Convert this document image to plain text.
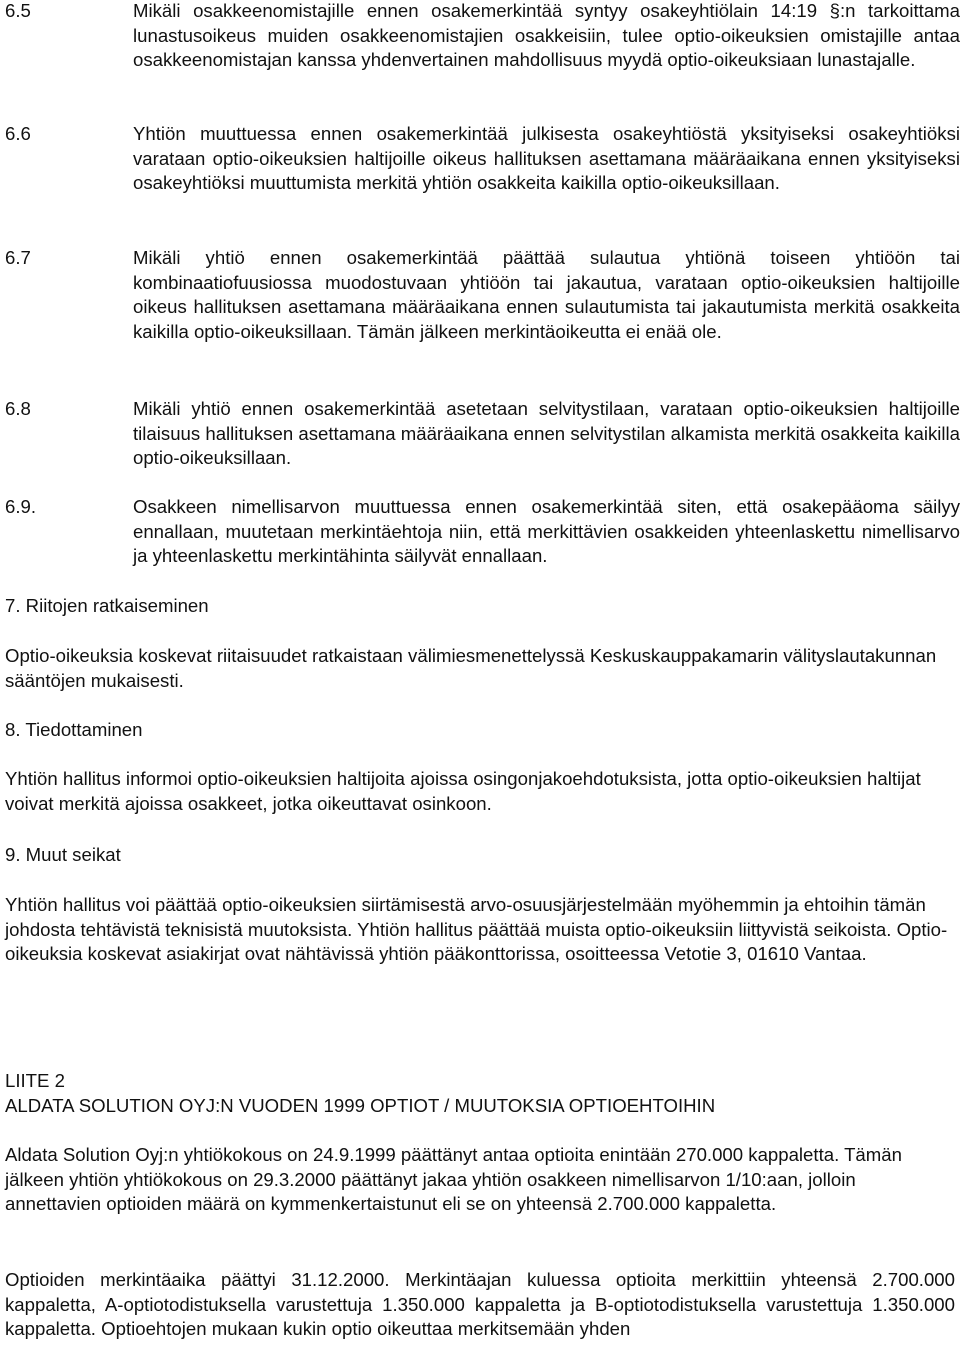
6.5	Mikäli osakkeenomistajille ennen osakemerkintää syntyy osakeyhtiölain 14:19 §:n tarkoittama lunastusoikeus muiden osakkeenomistajien osakkeisiin, tulee optio-oikeuksien omistajille antaa osakkeenomistajan kanssa yhdenvertainen mahdollisuus myydä optio-oikeuksiaan lunastajalle.

6.6	Yhtiön muuttuessa ennen osakemerkintää julkisesta osakeyhtiöstä yksityiseksi osakeyhtiöksi varataan optio-oikeuksien haltijoille oikeus hallituksen asettamana määräaikana ennen yksityiseksi osakeyhtiöksi muuttumista merkitä yhtiön osakkeita kaikilla optio-oikeuksillaan.

6.7	Mikäli yhtiö ennen osakemerkintää päättää sulautua yhtiönä toiseen yhtiöön tai kombinaatiofuusiossa muodostuvaan yhtiöön tai jakautua, varataan optio-oikeuksien haltijoille oikeus hallituksen asettamana määräaikana ennen sulautumista tai jakautumista merkitä osakkeita kaikilla optio-oikeuksillaan. Tämän jälkeen merkintäoikeutta ei enää ole.

6.8	Mikäli yhtiö ennen osakemerkintää asetetaan selvitystilaan, varataan optio-oikeuksien haltijoille tilaisuus hallituksen asettamana määräaikana ennen selvitystilan alkamista merkitä osakkeita kaikilla optio-oikeuksillaan.

6.9.	Osakkeen nimellisarvon muuttuessa ennen osakemerkintää siten, että osakepääoma säilyy ennallaan, muutetaan merkintäehtoja niin, että merkittävien osakkeiden yhteenlaskettu nimellisarvo ja yhteenlaskettu merkintähinta säilyvät ennallaan.

7. Riitojen ratkaiseminen

Optio-oikeuksia koskevat riitaisuudet ratkaistaan välimiesmenettelyssä Keskuskauppakamarin välityslautakunnan sääntöjen mukaisesti.

8. Tiedottaminen

Yhtiön hallitus informoi optio-oikeuksien haltijoita ajoissa osingonjakoehdotuksista, jotta optio-oikeuksien haltijat voivat merkitä ajoissa osakkeet, jotka oikeuttavat osinkoon.

9. Muut seikat

Yhtiön hallitus voi päättää optio-oikeuksien siirtämisestä arvo-osuusjärjestelmään myöhemmin ja ehtoihin tämän johdosta tehtävistä teknisistä muutoksista. Yhtiön hallitus päättää muista optio-oikeuksiin liittyvistä seikoista. Optio-oikeuksia koskevat asiakirjat ovat nähtävissä yhtiön pääkonttorissa, osoitteessa Vetotie 3, 01610 Vantaa.

LIITE 2

ALDATA SOLUTION OYJ:N VUODEN 1999 OPTIOT / MUUTOKSIA OPTIOEHTOIHIN

Aldata Solution Oyj:n yhtiökokous on 24.9.1999 päättänyt antaa optioita enintään 270.000 kappaletta. Tämän jälkeen yhtiön yhtiökokous on 29.3.2000 päättänyt jakaa yhtiön osakkeen nimellisarvon 1/10:aan, jolloin annettavien optioiden määrä on kymmenkertaistunut eli se on yhteensä 2.700.000 kappaletta.

Optioiden merkintäaika päättyi 31.12.2000. Merkintäajan kuluessa optioita merkittiin yhteensä 2.700.000 kappaletta, A-optiotodistuksella varustettuja 1.350.000 kappaletta ja B-optiotodistuksella varustettuja 1.350.000 kappaletta. Optioehtojen mukaan kukin optio oikeuttaa merkitsemään yhden
